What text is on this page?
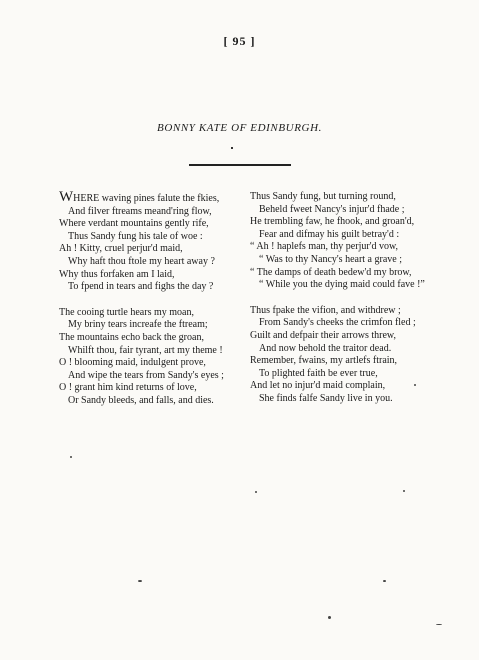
[ 95 ]
BONNY KATE OF EDINBURGH.
WHERE waving pines falute the fkies,
And filver ftreams meand'ring flow,
Where verdant mountains gently rife,
Thus Sandy fung his tale of woe :
Ah ! Kitty, cruel perjur'd maid,
Why haft thou ftole my heart away ?
Why thus forfaken am I laid,
To fpend in tears and fighs the day ?
The cooing turtle hears my moan,
My briny tears increafe the ftream;
The mountains echo back the groan,
Whilft thou, fair tyrant, art my theme !
O ! blooming maid, indulgent prove,
And wipe the tears from Sandy's eyes ;
O ! grant him kind returns of love,
Or Sandy bleeds, and falls, and dies.
Thus Sandy fung, but turning round,
Beheld fweet Nancy's injur'd fhade ;
He trembling faw, he fhook, and groan'd,
Fear and difmay his guilt betray'd :
“ Ah ! haplefs man, thy perjur'd vow,
“ Was to thy Nancy's heart a grave ;
“ The damps of death bedew'd my brow,
“ While you the dying maid could fave !”
Thus fpake the vifion, and withdrew ;
From Sandy's cheeks the crimfon fled ;
Guilt and defpair their arrows threw,
And now behold the traitor dead.
Remember, fwains, my artlefs ftrain,
To plighted faith be ever true,
And let no injur'd maid complain,
She finds falfe Sandy live in you.
